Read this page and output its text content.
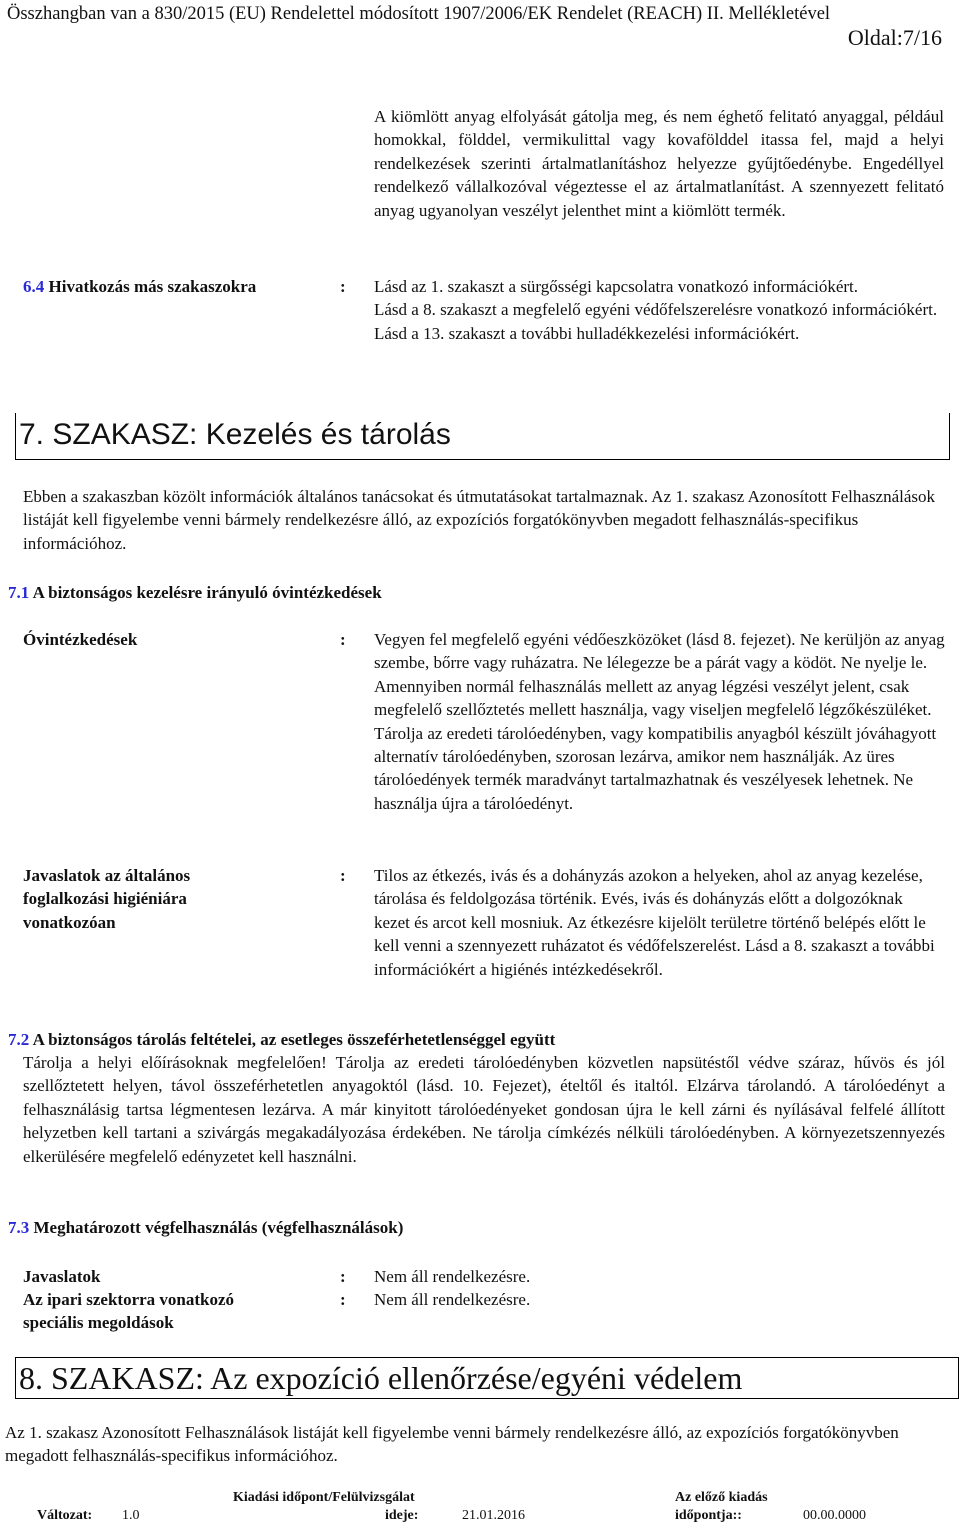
Összhangban van a 830/2015 (EU) Rendelettel módosított 1907/2006/EK Rendelet (REACH) II. Mellékletével
Oldal:7/16

A kiömlött anyag elfolyását gátolja meg, és nem éghető felitató anyaggal, például homokkal, földdel, vermikulittal vagy kovafölddel itassa fel, majd a helyi rendelkezések szerinti ártalmatlanításhoz helyezze gyűjtőedénybe. Engedéllyel rendelkező vállalkozóval végeztesse el az ártalmatlanítást. A szennyezett felitató anyag ugyanolyan veszélyt jelenthet mint a kiömlött termék.

6.4 Hivatkozás más szakaszokra	: Lásd az 1. szakaszt a sürgősségi kapcsolatra vonatkozó információkért.

Lásd a 8. szakaszt a megfelelő egyéni védőfelszerelésre vonatkozó információkért.

Lásd a 13. szakaszt a további hulladékkezelési információkért.

7. SZAKASZ: Kezelés és tárolás

Ebben a szakaszban közölt információk általános tanácsokat és útmutatásokat tartalmaznak. Az 1. szakasz Azonosított Felhasználások listáját kell figyelembe venni bármely rendelkezésre álló, az expozíciós forgatókönyvben megadott felhasználás-specifikus információhoz.

7.1 A biztonságos kezelésre irányuló óvintézkedések
Óvintézkedések	: Vegyen fel megfelelő egyéni védőeszközöket (lásd 8. fejezet). Ne kerüljön az anyag szembe, bőrre vagy ruházatra. Ne lélegezze be a párát vagy a ködöt. Ne nyelje le. Amennyiben normál felhasználás mellett az anyag légzési veszélyt jelent, csak megfelelő szellőztetés mellett használja, vagy viseljen megfelelő légzőkészüléket. Tárolja az eredeti tárolóedényben, vagy kompatibilis anyagból készült jóváhagyott alternatív tárolóedényben, szorosan lezárva, amikor nem használják. Az üres tárolóedények termék maradványt tartalmazhatnak és veszélyesek lehetnek. Ne használja újra a tárolóedényt.

Javaslatok az általános foglalkozási higiéniára vonatkozóan
: Tilos az étkezés, ivás és a dohányzás azokon a helyeken, ahol az anyag kezelése, tárolása és feldolgozása történik. Evés, ivás és dohányzás előtt a dolgozóknak kezet és arcot kell mosniuk. Az étkezésre kijelölt területre történő belépés előtt le kell venni a szennyezett ruházatot és védőfelszerelést. Lásd a 8. szakaszt a további információkért a higiénés intézkedésekről.

7.2 A biztonságos tárolás feltételei, az esetleges összeférhetetlenséggel együtt

Tárolja a helyi előírásoknak megfelelően! Tárolja az eredeti tárolóedényben közvetlen napsütéstől védve száraz, hűvös és jól szellőztetett helyen, távol összeférhetetlen anyagoktól (lásd. 10. Fejezet), ételtől és italtól. Elzárva tárolandó. A tárolóedényt a felhasználásig tartsa légmentesen lezárva. A már kinyitott tárolóedényeket gondosan újra le kell zárni és nyílásával felfelé állított helyzetben kell tartani a szivárgás megakadályozása érdekében. Ne tárolja címkézés nélküli tárolóedényben. A környezetszennyezés elkerülésére megfelelő edényzetet kell használni.

7.3 Meghatározott végfelhasználás (végfelhasználások)
Javaslatok	: Nem áll rendelkezésre.
Az ipari szektorra vonatkozó speciális megoldások
: Nem áll rendelkezésre.
8. SZAKASZ: Az expozíció ellenőrzése/egyéni védelem

Az 1. szakasz Azonosított Felhasználások listáját kell figyelembe venni bármely rendelkezésre álló, az expozíciós forgatókönyvben megadott felhasználás-specifikus információhoz.

Változat: 1.0
Kiadási időpont/Felülvizsgálat
ideje:	21.01.2016
Az előző kiadás
időpontja::	00.00.0000
